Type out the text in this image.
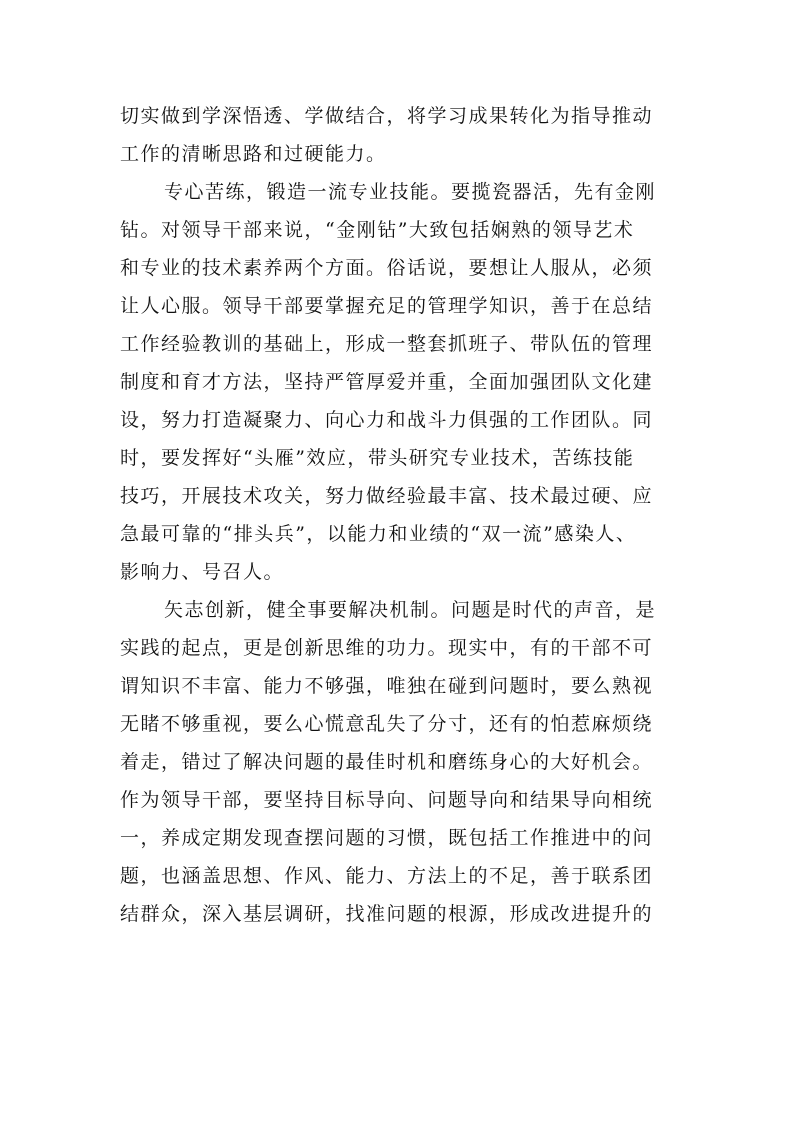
切实做到学深悟透、学做结合，将学习成果转化为指导推动
工作的清晰思路和过硬能力。
专心苦练，锻造一流专业技能。要揽瓷器活，先有金刚
钻。对领导干部来说，“金刚钻”大致包括娴熟的领导艺术
和专业的技术素养两个方面。俗话说，要想让人服从，必须
让人心服。领导干部要掌握充足的管理学知识，善于在总结
工作经验教训的基础上，形成一整套抓班子、带队伍的管理
制度和育才方法，坚持严管厚爱并重，全面加强团队文化建
设，努力打造凝聚力、向心力和战斗力俱强的工作团队。同
时，要发挥好“头雁”效应，带头研究专业技术，苦练技能
技巧，开展技术攻关，努力做经验最丰富、技术最过硬、应
急最可靠的“排头兵”，以能力和业绩的“双一流”感染人、
影响力、号召人。
矢志创新，健全事要解决机制。问题是时代的声音，是
实践的起点，更是创新思维的功力。现实中，有的干部不可
谓知识不丰富、能力不够强，唯独在碰到问题时，要么熟视
无睹不够重视，要么心慌意乱失了分寸，还有的怕惹麻烦绕
着走，错过了解决问题的最佳时机和磨练身心的大好机会。
作为领导干部，要坚持目标导向、问题导向和结果导向相统
一，养成定期发现查摆问题的习惯，既包括工作推进中的问
题，也涵盖思想、作风、能力、方法上的不足，善于联系团
结群众，深入基层调研，找准问题的根源，形成改进提升的
